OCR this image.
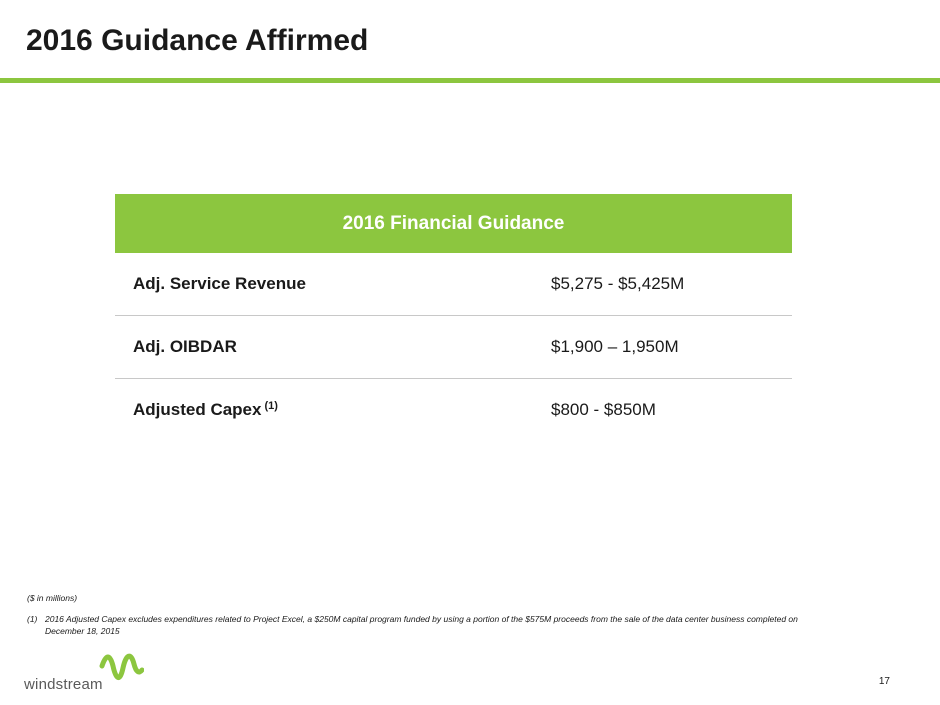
2016 Guidance Affirmed
2016 Financial Guidance
Adj. Service Revenue	$5,275 - $5,425M
Adj. OIBDAR	$1,900 – 1,950M
Adjusted Capex $^{(1)}$	$800 - $850M
($ in millions)
(1) 2016 Adjusted Capex excludes expenditures related to Project Excel, a $250M capital program funded by using a portion of the $575M proceeds from the sale of the data center business completed on December 18, 2015
windstream	17
